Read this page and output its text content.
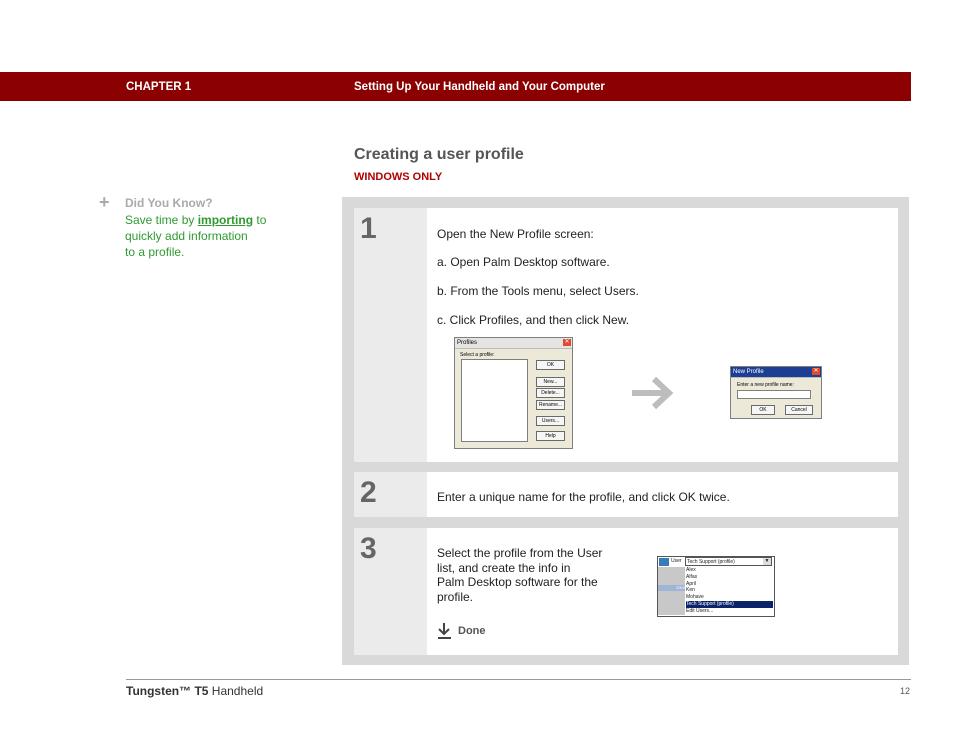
CHAPTER 1	Setting Up Your Handheld and Your Computer
Creating a user profile
WINDOWS ONLY
+ Did You Know?
Save time by importing to
quickly add information
to a profile.
1	Open the New Profile screen:
a. Open Palm Desktop software.
b. From the Tools menu, select Users.
c. Click Profiles, and then click New.
Profiles	✕
Select a profile:
OK
New...
Delete...
Rename...
Users...
Help
New Profile	✕
Enter a new profile name:
OK	Cancel
2	Enter a unique name for the profile, and click OK twice.
3	Select the profile from the User
list, and create the info in
Palm Desktop software for the
profile.
Done
User Tech Support (profile)	▼
2003
Alex
Alfas
April
Ken
Mohave
Tech Support (profile)
Edit Users...
Tungsten™ T5 Handheld	12
